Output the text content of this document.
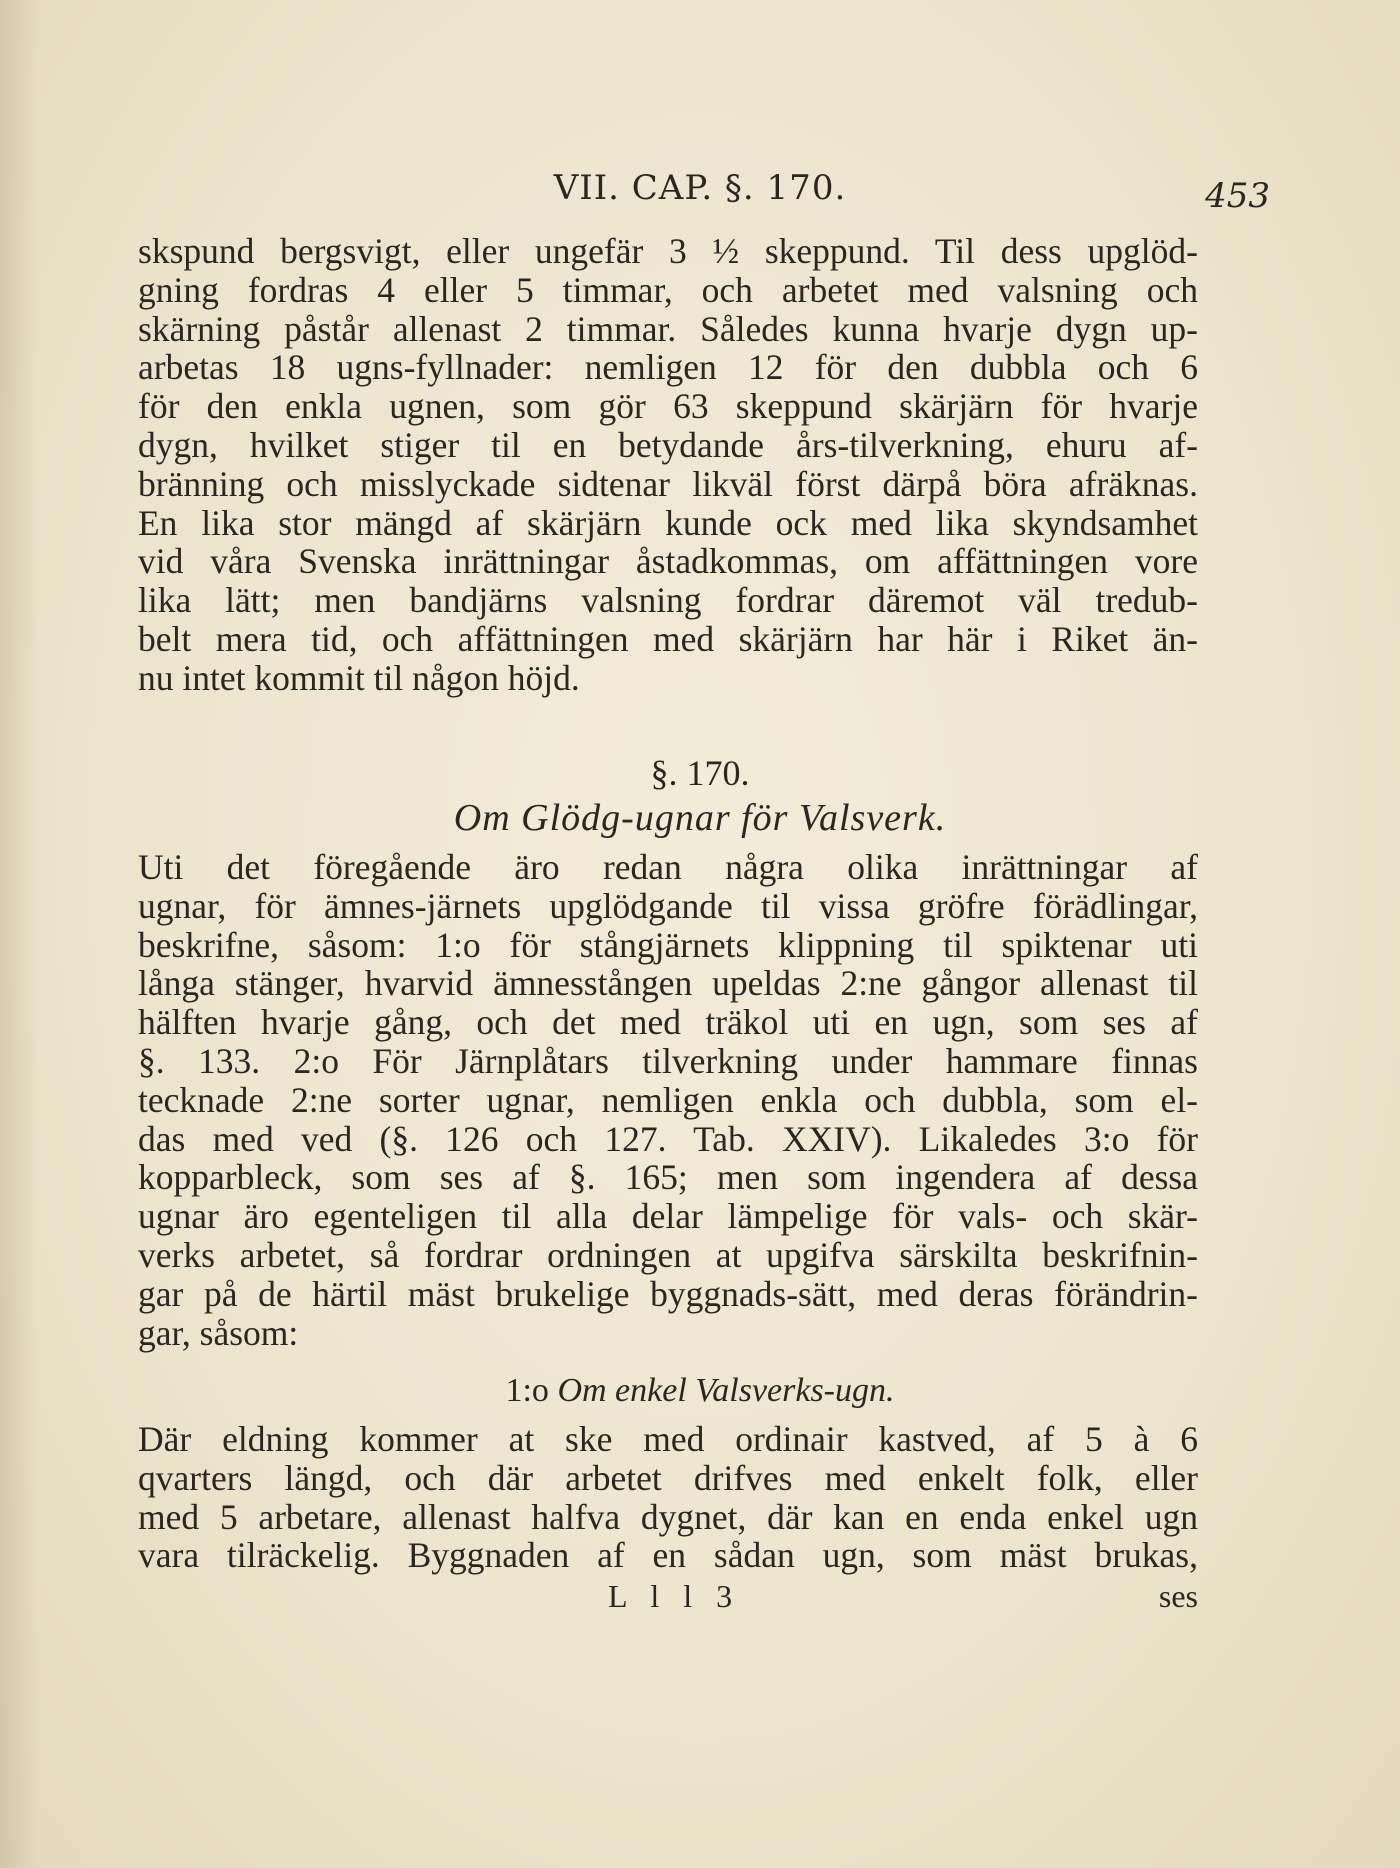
VII. CAP. §. 170.	453
skspund bergsvigt, eller ungefär 3 ½ skeppund. Til dess upglöd-
gning fordras 4 eller 5 timmar, och arbetet med valsning och
skärning påstår allenast 2 timmar. Således kunna hvarje dygn up-
arbetas 18 ugns-fyllnader: nemligen 12 för den dubbla och 6
för den enkla ugnen, som gör 63 skeppund skärjärn för hvarje
dygn, hvilket stiger til en betydande års-tilverkning, ehuru af-
bränning och misslyckade sidtenar likväl först därpå böra afräknas.
En lika stor mängd af skärjärn kunde ock med lika skyndsamhet
vid våra Svenska inrättningar åstadkommas, om affättningen vore
lika lätt; men bandjärns valsning fordrar däremot väl tredub-
belt mera tid, och affättningen med skärjärn har här i Riket än-
nu intet kommit til någon höjd.
§. 170.
Om Glödg-ugnar för Valsverk.
Uti det föregående äro redan några olika inrättningar af
ugnar, för ämnes-järnets upglödgande til vissa gröfre förädlingar,
beskrifne, såsom: 1:o för stångjärnets klippning til spiktenar uti
långa stänger, hvarvid ämnesstången upeldas 2:ne gångor allenast til
hälften hvarje gång, och det med träkol uti en ugn, som ses af
§. 133. 2:o För Järnplåtars tilverkning under hammare finnas
tecknade 2:ne sorter ugnar, nemligen enkla och dubbla, som el-
das med ved (§. 126 och 127. Tab. XXIV). Likaledes 3:o för
kopparbleck, som ses af §. 165; men som ingendera af dessa
ugnar äro egenteligen til alla delar lämpelige för vals- och skär-
verks arbetet, så fordrar ordningen at upgifva särskilta beskrifnin-
gar på de härtil mäst brukelige byggnads-sätt, med deras förändrin-
gar, såsom:
1:o Om enkel Valsverks-ugn.
Där eldning kommer at ske med ordinair kastved, af 5 à 6
qvarters längd, och där arbetet drifves med enkelt folk, eller
med 5 arbetare, allenast halfva dygnet, där kan en enda enkel ugn
vara tilräckelig. Byggnaden af en sådan ugn, som mäst brukas,
L l l 3	ses
